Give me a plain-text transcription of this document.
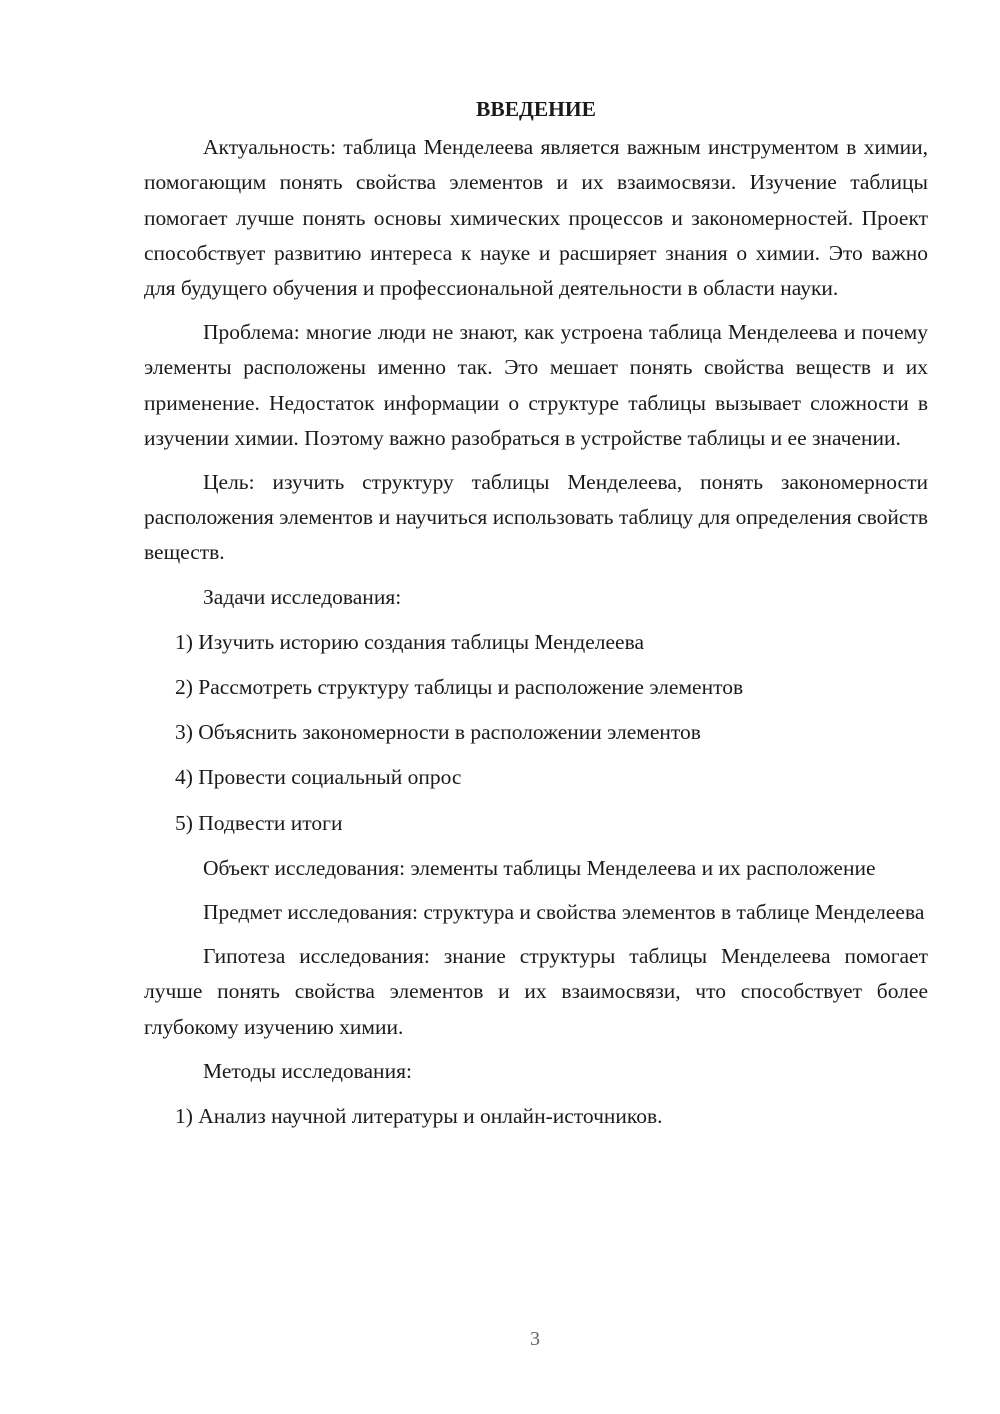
ВВЕДЕНИЕ

Актуальность: таблица Менделеева является важным инструментом в химии, помогающим понять свойства элементов и их взаимосвязи. Изучение таблицы помогает лучше понять основы химических процессов и закономерностей. Проект способствует развитию интереса к науке и расширяет знания о химии. Это важно для будущего обучения и профессиональной деятельности в области науки.

Проблема: многие люди не знают, как устроена таблица Менделеева и почему элементы расположены именно так. Это мешает понять свойства веществ и их применение. Недостаток информации о структуре таблицы вызывает сложности в изучении химии. Поэтому важно разобраться в устройстве таблицы и ее значении.

Цель: изучить структуру таблицы Менделеева, понять закономерности расположения элементов и научиться использовать таблицу для определения свойств веществ.

Задачи исследования:

1) Изучить историю создания таблицы Менделеева
2) Рассмотреть структуру таблицы и расположение элементов
3) Объяснить закономерности в расположении элементов
4) Провести социальный опрос
5) Подвести итоги

Объект исследования: элементы таблицы Менделеева и их расположение

Предмет исследования: структура и свойства элементов в таблице Менделеева

Гипотеза исследования: знание структуры таблицы Менделеева помогает лучше понять свойства элементов и их взаимосвязи, что способствует более глубокому изучению химии.

Методы исследования:

1) Анализ научной литературы и онлайн-источников.
3
